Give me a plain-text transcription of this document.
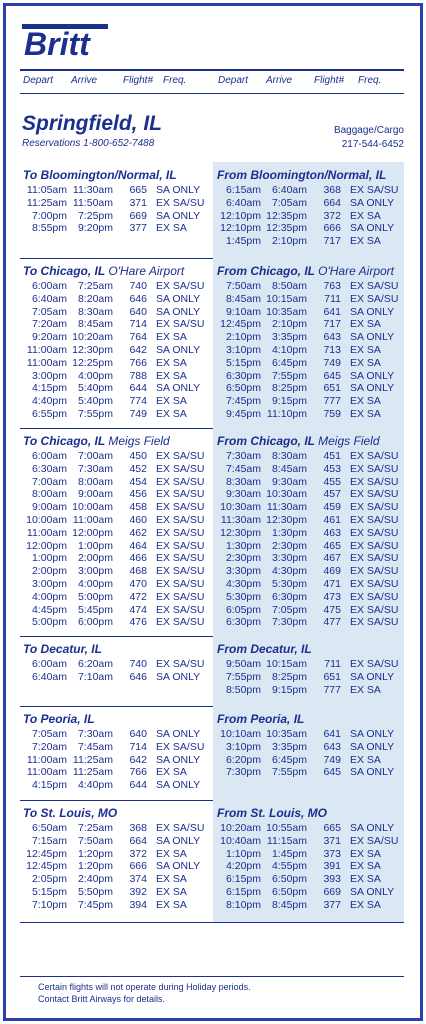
Britt
Depart	Arrive	Flight# Freq.	Depart	Arrive	Flight#	Freq.
Springfield, IL
Reservations 1-800-652-7488
Baggage/Cargo
217-544-6452
To Bloomington/Normal, IL
11:05am 11:30am	665 SA ONLY
11:25am 11:50am	371 EX SA/SU
7:00pm	7:25pm	669 SA ONLY
8:55pm	9:20pm	377 EX SA
From Bloomington/Normal, IL
6:15am	6:40am	368 EX SA/SU
6:40am	7:05am	664 SA ONLY
12:10pm 12:35pm	372 EX SA
12:10pm 12:35pm	666 SA ONLY
1:45pm	2:10pm	717 EX SA
To Chicago, IL O'Hare Airport
6:00am	7:25am	740 EX SA/SU
6:40am	8:20am	646 SA ONLY
7:05am	8:30am	640 SA ONLY
7:20am	8:45am	714 EX SA/SU
9:20am 10:20am	764 EX SA
11:00am 12:30pm	642 SA ONLY
11:00am 12:25pm	766 EX SA
3:00pm	4:00pm	788 EX SA
4:15pm	5:40pm	644 SA ONLY
4:40pm	5:40pm	774 EX SA
6:55pm	7:55pm	749 EX SA
From Chicago, IL O'Hare Airport
7:50am	8:50am	763 EX SA/SU
8:45am 10:15am	711 EX SA/SU
9:10am 10:35am	641 SA ONLY
12:45pm	2:10pm	717 EX SA
2:10pm	3:35pm	643 SA ONLY
3:10pm	4:10pm	713 EX SA
5:15pm	6:45pm	749 EX SA
6:30pm	7:55pm	645 SA ONLY
6:50pm	8:25pm	651 SA ONLY
7:45pm	9:15pm	777 EX SA
9:45pm 11:10pm	759 EX SA
To Chicago, IL Meigs Field
6:00am	7:00am	450 EX SA/SU
6:30am	7:30am	452 EX SA/SU
7:00am	8:00am	454 EX SA/SU
8:00am	9:00am	456 EX SA/SU
9:00am 10:00am	458 EX SA/SU
10:00am 11:00am	460 EX SA/SU
11:00am 12:00pm	462 EX SA/SU
12:00pm	1:00pm	464 EX SA/SU
1:00pm	2:00pm	466 EX SA/SU
2:00pm	3:00pm	468 EX SA/SU
3:00pm	4:00pm	470 EX SA/SU
4:00pm	5:00pm	472 EX SA/SU
4:45pm	5:45pm	474 EX SA/SU
5:00pm	6:00pm	476 EX SA/SU
From Chicago, IL Meigs Field
7:30am	8:30am	451 EX SA/SU
7:45am	8:45am	453 EX SA/SU
8:30am	9:30am	455 EX SA/SU
9:30am 10:30am	457 EX SA/SU
10:30am 11:30am	459 EX SA/SU
11:30am 12:30pm	461 EX SA/SU
12:30pm	1:30pm	463 EX SA/SU
1:30pm	2:30pm	465 EX SA/SU
2:30pm	3:30pm	467 EX SA/SU
3:30pm	4:30pm	469 EX SA/SU
4:30pm	5:30pm	471 EX SA/SU
5:30pm	6:30pm	473 EX SA/SU
6:05pm	7:05pm	475 EX SA/SU
6:30pm	7:30pm	477 EX SA/SU
To Decatur, IL
6:00am	6:20am	740 EX SA/SU
6:40am	7:10am	646 SA ONLY
From Decatur, IL
9:50am 10:15am	711 EX SA/SU
7:55pm	8:25pm	651 SA ONLY
8:50pm	9:15pm	777 EX SA
To Peoria, IL
7:05am	7:30am	640 SA ONLY
7:20am	7:45am	714 EX SA/SU
11:00am 11:25am	642 SA ONLY
11:00am 11:25am	766 EX SA
4:15pm	4:40pm	644 SA ONLY
From Peoria, IL
10:10am 10:35am	641 SA ONLY
3:10pm	3:35pm	643 SA ONLY
6:20pm	6:45pm	749 EX SA
7:30pm	7:55pm	645 SA ONLY
To St. Louis, MO
6:50am	7:25am	368 EX SA/SU
7:15am	7:50am	664 SA ONLY
12:45pm	1:20pm	372 EX SA
12:45pm	1:20pm	666 SA ONLY
2:05pm	2:40pm	374 EX SA
5:15pm	5:50pm	392 EX SA
7:10pm	7:45pm	394 EX SA
From St. Louis, MO
10:20am 10:55am	665 SA ONLY
10:40am 11:15am	371 EX SA/SU
1:10pm	1:45pm	373 EX SA
4:20pm	4:55pm	391 EX SA
6:15pm	6:50pm	393 EX SA
6:15pm	6:50pm	669 SA ONLY
8:10pm	8:45pm	377 EX SA
Certain flights will not operate during Holiday periods.
Contact Britt Airways for details.
